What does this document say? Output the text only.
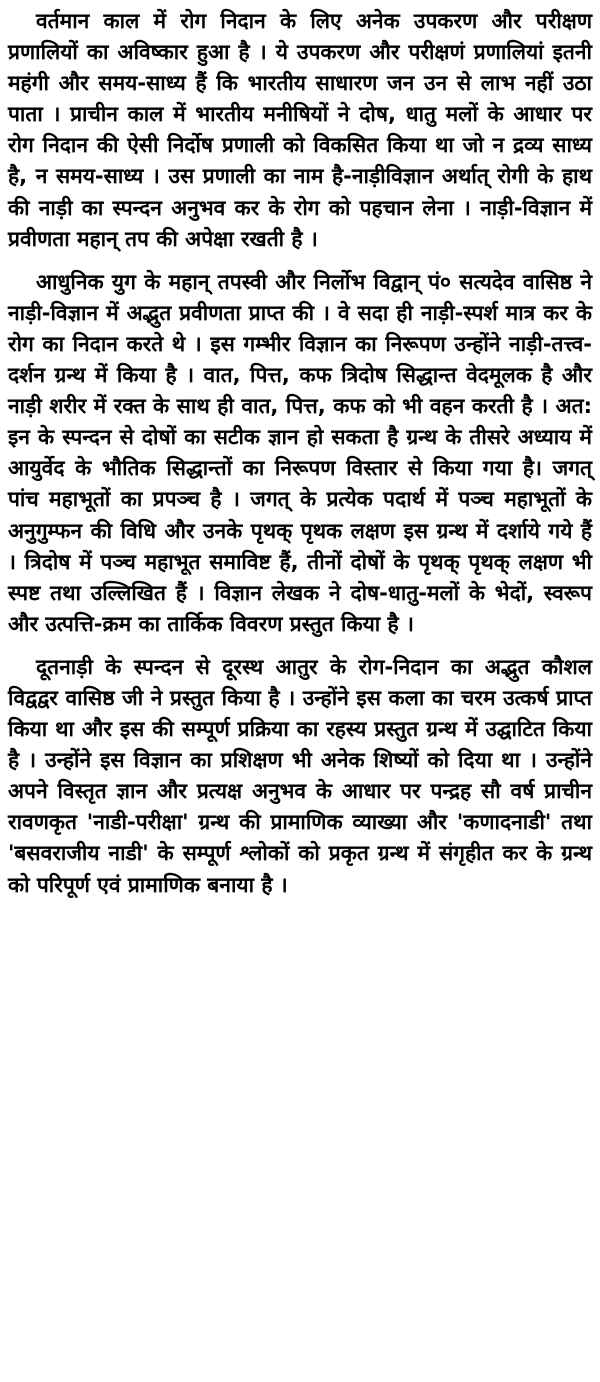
वर्तमान काल में रोग निदान के लिए अनेक उपकरण और परीक्षण प्रणालियों का अविष्कार हुआ है । ये उपकरण और परीक्षणं प्रणालियां इतनी महंगी और समय-साध्य हैं कि भारतीय साधारण जन उन से लाभ नहीं उठा पाता । प्राचीन काल में भारतीय मनीषियों ने दोष, धातु मलों के आधार पर रोग निदान की ऐसी निर्दोष प्रणाली को विकसित किया था जो न द्रव्य साध्य है, न समय-साध्य । उस प्रणाली का नाम है-नाड़ीविज्ञान अर्थात् रोगी के हाथ की नाड़ी का स्पन्दन अनुभव कर के रोग को पहचान लेना । नाड़ी-विज्ञान में प्रवीणता महान् तप की अपेक्षा रखती है ।

आधुनिक युग के महान् तपस्वी और निर्लोभ विद्वान् पं० सत्यदेव वासिष्ठ ने नाड़ी-विज्ञान में अद्भुत प्रवीणता प्राप्त की । वे सदा ही नाड़ी-स्पर्श मात्र कर के रोग का निदान करते थे । इस गम्भीर विज्ञान का निरूपण उन्होंने नाड़ी-तत्त्व-दर्शन ग्रन्थ में किया है । वात, पित्त, कफ त्रिदोष सिद्धान्त वेदमूलक है और नाड़ी शरीर में रक्त के साथ ही वात, पित्त, कफ को भी वहन करती है । अत: इन के स्पन्दन से दोषों का सटीक ज्ञान हो सकता है ग्रन्थ के तीसरे अध्याय में आयुर्वेद के भौतिक सिद्धान्तों का निरूपण विस्तार से किया गया है। जगत् पांच महाभूतों का प्रपञ्च है । जगत् के प्रत्येक पदार्थ में पञ्च महाभूतों के अनुगुम्फन की विधि और उनके पृथक् पृथक लक्षण इस ग्रन्थ में दर्शाये गये हैं । त्रिदोष में पञ्च महाभूत समाविष्ट हैं, तीनों दोषों के पृथक् पृथक् लक्षण भी स्पष्ट तथा उल्लिखित हैं । विज्ञान लेखक ने दोष-धातु-मलों के भेदों, स्वरूप और उत्पत्ति-क्रम का तार्किक विवरण प्रस्तुत किया है ।

दूतनाड़ी के स्पन्दन से दूरस्थ आतुर के रोग-निदान का अद्भुत कौशल विद्वद्वर वासिष्ठ जी ने प्रस्तुत किया है । उन्होंने इस कला का चरम उत्कर्ष प्राप्त किया था और इस की सम्पूर्ण प्रक्रिया का रहस्य प्रस्तुत ग्रन्थ में उद्घाटित किया है । उन्होंने इस विज्ञान का प्रशिक्षण भी अनेक शिष्यों को दिया था । उन्होंने अपने विस्तृत ज्ञान और प्रत्यक्ष अनुभव के आधार पर पन्द्रह सौ वर्ष प्राचीन रावणकृत 'नाडी-परीक्षा' ग्रन्थ की प्रामाणिक व्याख्या और 'कणादनाडी' तथा 'बसवराजीय नाडी' के सम्पूर्ण श्लोकों को प्रकृत ग्रन्थ में संगृहीत कर के ग्रन्थ को परिपूर्ण एवं प्रामाणिक बनाया है ।
